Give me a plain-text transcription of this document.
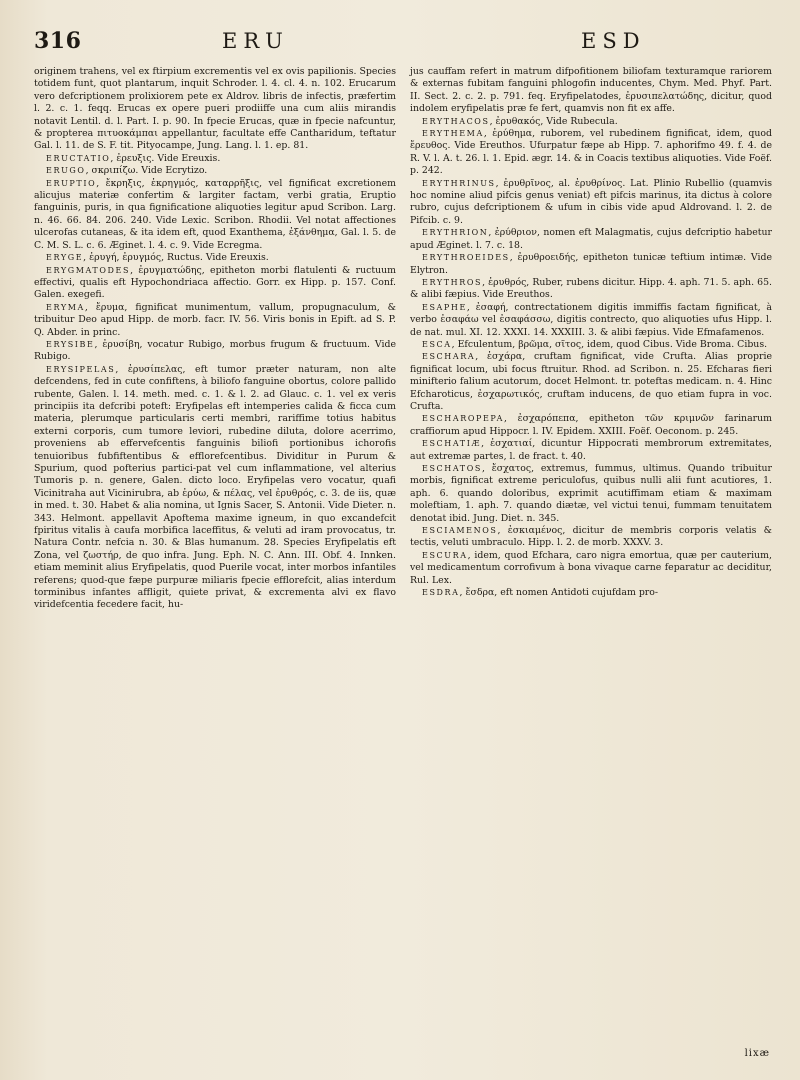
316	ERU	ESD

originem trahens, vel ex ftirpium excrementis vel ex ovis papilionis. Species totidem funt, quot plantarum, inquit Schroder. l. 4. cl. 4. n. 102. Erucarum vero defcriptionem prolixiorem pete ex Aldrov. libris de infectis, præfertim l. 2. c. 1. feqq. Erucas ex opere pueri prodiiffe una cum aliis mirandis notavit Lentil. d. l. Part. I. p. 90. In fpecie Erucas, quæ in fpecie nafcuntur, & propterea πιτυοκάμπαι appellantur, facultate effe Cantharidum, teftatur Gal. l. 11. de S. F. tit. Pityocampe, Jung. Lang. l. 1. ep. 81.

ERUCTATIO, ἐρευξις. Vide Ereuxis.

ERUGO, σκριπίζω. Vide Ecrytizo.

ERUPTIO, ἔκρηξις, ἐκρηγμός, καταρρῆξις, vel fignificat excretionem alicujus materiæ confertim & largiter factam, verbi gratia, Eruptio fanguinis, puris, in qua fignificatione aliquoties legitur apud Scribon. Larg. n. 46. 66. 84. 206. 240. Vide Lexic. Scribon. Rhodii. Vel notat affectiones ulcerofas cutaneas, & ita idem eft, quod Exanthema, ἐξάνθημα, Gal. l. 5. de C. M. S. L. c. 6. Æginet. l. 4. c. 9. Vide Ecregma.

ERYGE, ἐρυγή, ἐρυγμός, Ructus. Vide Ereuxis.

ERYGMATODES, ἐρυγματώδης, epitheton morbi flatulenti & ructuum effectivi, qualis eft Hypochondriaca affectio. Gorr. ex Hipp. p. 157. Conf. Galen. exegefi.

ERYMA, ἔρυμα, fignificat munimentum, vallum, propugnaculum, & tribuitur Deo apud Hipp. de morb. facr. IV. 56. Viris bonis in Epift. ad S. P. Q. Abder. in princ.

ERYSIBE, ἐρυσίβη, vocatur Rubigo, morbus frugum & fructuum. Vide Rubigo.

ERYSIPELAS, ἐρυσίπελας, eft tumor præter naturam, non alte defcendens, fed in cute confiftens, à biliofo fanguine obortus, colore pallido rubente, Galen. l. 14. meth. med. c. 1. & l. 2. ad Glauc. c. 1. vel ex veris principiis ita defcribi poteft: Eryfipelas eft intemperies calida & ficca cum materia, plerumque particularis certi membri, rariffime totius habitus externi corporis, cum tumore leviori, rubedine diluta, dolore acerrimo, proveniens ab effervefcentis fanguinis biliofi portionibus ichorofis tenuioribus fubfiftentibus & efflorefcentibus. Dividitur in Purum & Spurium, quod pofterius partici-pat vel cum inflammatione, vel alterius Tumoris p. n. genere, Galen. dicto loco. Eryfipelas vero vocatur, quafi Vicinitraha aut Vicinirubra, ab ἐρύω, & πέλας, vel ἐρυθρός, c. 3. de iis, quæ in med. t. 30. Habet & alia nomina, ut Ignis Sacer, S. Antonii. Vide Dieter. n. 343. Helmont. appellavit Apoftema maxime igneum, in quo excandefcit fpiritus vitalis à caufa morbifica laceffitus, & veluti ad iram provocatus, tr. Natura Contr. nefcia n. 30. & Blas humanum. 28. Species Eryfipelatis eft Zona, vel ζωστήρ, de quo infra. Jung. Eph. N. C. Ann. III. Obf. 4. Innken. etiam meminit alius Eryfipelatis, quod Puerile vocat, inter morbos infantiles referens; quod-que fæpe purpuræ miliaris fpecie efflorefcit, alias interdum torminibus infantes affligit, quiete privat, & excrementa alvi ex flavo viridefcentia fecedere facit, hu-

jus cauffam refert in matrum difpofitionem biliofam texturamque rariorem & externas fubitam fanguini phlogofin inducentes, Chym. Med. Phyf. Part. II. Sect. 2. c. 2. p. 791. feq. Eryfipelatodes, ἐρυσιπελατώδης, dicitur, quod indolem eryfipelatis præ fe fert, quamvis non fit ex affe.

ERYTHACOS, ἐρυθακός, Vide Rubecula.

ERYTHEMA, ἐρύθημα, ruborem, vel rubedinem fignificat, idem, quod ἔρευθος. Vide Ereuthos. Ufurpatur fæpe ab Hipp. 7. aphorifmo 49. f. 4. de R. V. l. A. t. 26. l. 1. Epid. ægr. 14. & in Coacis textibus aliquoties. Vide Foëf. p. 242.

ERYTHRINUS, ἐρυθρῖνος, al. ἐρυθρίνος. Lat. Plinio Rubellio (quamvis hoc nomine aliud pifcis genus veniat) eft pifcis marinus, ita dictus à colore rubro, cujus defcriptionem & ufum in cibis vide apud Aldrovand. l. 2. de Pifcib. c. 9.

ERYTHRION, ἐρύθριον, nomen eft Malagmatis, cujus defcriptio habetur apud Æginet. l. 7. c. 18.

ERYTHROEIDES, ἐρυθροειδής, epitheton tunicæ teftium intimæ. Vide Elytron.

ERYTHROS, ἐρυθρός, Ruber, rubens dicitur. Hipp. 4. aph. 71. 5. aph. 65. & alibi fæpius. Vide Ereuthos.

ESAPHE, ἐσαφή, contrectationem digitis immiffis factam fignificat, à verbo ἐσαφάω vel ἐσαφάσσω, digitis contrecto, quo aliquoties ufus Hipp. l. de nat. mul. XI. 12. XXXI. 14. XXXIII. 3. & alibi fæpius. Vide Efmafamenos.

ESCA, Efculentum, βρῶμα, σῖτος, idem, quod Cibus. Vide Broma. Cibus.

ESCHARA, ἐσχάρα, cruftam fignificat, vide Crufta. Alias proprie fignificat locum, ubi focus ftruitur. Rhod. ad Scribon. n. 25. Efcharas fieri minifterio falium acutorum, docet Helmont. tr. poteftas medicam. n. 4. Hinc Efcharoticus, ἐσχαρωτικός, cruftam inducens, de quo etiam fupra in voc. Crufta.

ESCHAROPEPA, ἐσχαρόπεπα, epitheton τῶν κριμνῶν farinarum craffiorum apud Hippocr. l. IV. Epidem. XXIII. Foëf. Oeconom. p. 245.

ESCHATIÆ, ἐσχατιαί, dicuntur Hippocrati membrorum extremitates, aut extremæ partes, l. de fract. t. 40.

ESCHATOS, ἔσχατος, extremus, fummus, ultimus. Quando tribuitur morbis, fignificat extreme periculofus, quibus nulli alii funt acutiores, 1. aph. 6. quando doloribus, exprimit acutiffimam etiam & maximam moleftiam, 1. aph. 7. quando diætæ, vel victui tenui, fummam tenuitatem denotat ibid. Jung. Diet. n. 345.

ESCIAMENOS, ἐσκιαμένος, dicitur de membris corporis velatis & tectis, veluti umbraculo. Hipp. l. 2. de morb. XXXV. 3.

ESCURA, idem, quod Efchara, caro nigra emortua, quæ per cauterium, vel medicamentum corrofivum à bona vivaque carne feparatur ac deciditur, Rul. Lex.

ESDRA, ἔσδρα, eft nomen Antidoti cujufdam pro-

lixæ
